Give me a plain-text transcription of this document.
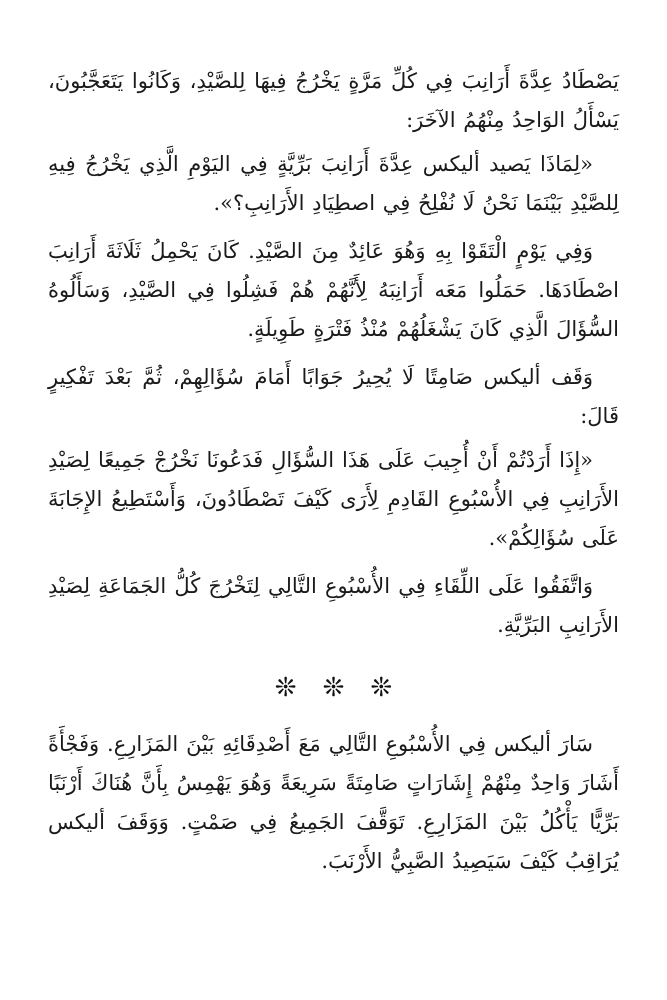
يَصْطَادُ عِدَّةَ أَرَانِبَ فِي كُلِّ مَرَّةٍ يَخْرُجُ فِيهَا لِلصَّيْدِ، وَكَانُوا يَتَعَجَّبُونَ، يَسْأَلُ الوَاحِدُ مِنْهُمُ الآخَرَ:

«لِمَاذَا يَصيد أليكس عِدَّةَ أَرَانِبَ بَرِّيَّةٍ فِي اليَوْمِ الَّذِي يَخْرُجُ فِيهِ لِلصَّيْدِ بَيْنَمَا نَحْنُ لَا نُفْلِحُ فِي اصطِيَادِ الأَرَانِبِ؟».

وَفِي يَوْمٍ الْتَقَوْا بِهِ وَهُوَ عَائِدٌ مِنَ الصَّيْدِ. كَانَ يَحْمِلُ ثَلَاثَةَ أَرَانِبَ اصْطَادَهَا. حَمَلُوا مَعَه أَرَانِبَهُ لِأَنَّهُمْ هُمْ فَشِلُوا فِي الصَّيْدِ، وَسَأَلُوهُ السُّؤَالَ الَّذِي كَانَ يَشْغَلُهُمْ مُنْذُ فَتْرَةٍ طَوِيلَةٍ.

وَقَف أليكس صَامِتًا لَا يُحِيرُ جَوَابًا أَمَامَ سُؤَالِهِمْ، ثُمَّ بَعْدَ تَفْكِيرٍ قَالَ:

«إِذَا أَرَدْتُمْ أَنْ أُجِيبَ عَلَى هَذَا السُّؤَالِ فَدَعُونَا نَخْرُجْ جَمِيعًا لِصَيْدِ الأَرَانِبِ فِي الأُسْبُوعِ القَادِمِ لِأَرَى كَيْفَ تَصْطَادُونَ، وَأَسْتَطِيعُ الإِجَابَةَ عَلَى سُؤَالِكُمْ».

وَاتَّفَقُوا عَلَى اللِّقَاءِ فِي الأُسْبُوعِ التَّالِي لِتَخْرُجَ كُلُّ الجَمَاعَةِ لِصَيْدِ الأَرَانِبِ البَرِّيَّةِ.

❊ ❊ ❊

سَارَ أليكس فِي الأُسْبُوعِ التَّالِي مَعَ أَصْدِقَائِهِ بَيْنَ المَزَارِعِ. وَفَجْأَةً أَشَارَ وَاحِدٌ مِنْهُمْ إِشَارَاتٍ صَامِتَةً سَرِيعَةً وَهُوَ يَهْمِسُ بِأَنَّ هُنَاكَ أَرْنَبًا بَرِّيًّا يَأْكُلُ بَيْنَ المَزَارِعِ. تَوَقَّفَ الجَمِيعُ فِي صَمْتٍ. وَوَقَفَ أليكس يُرَاقِبُ كَيْفَ سَيَصِيدُ الصَّبِيُّ الأَرْنَبَ.
